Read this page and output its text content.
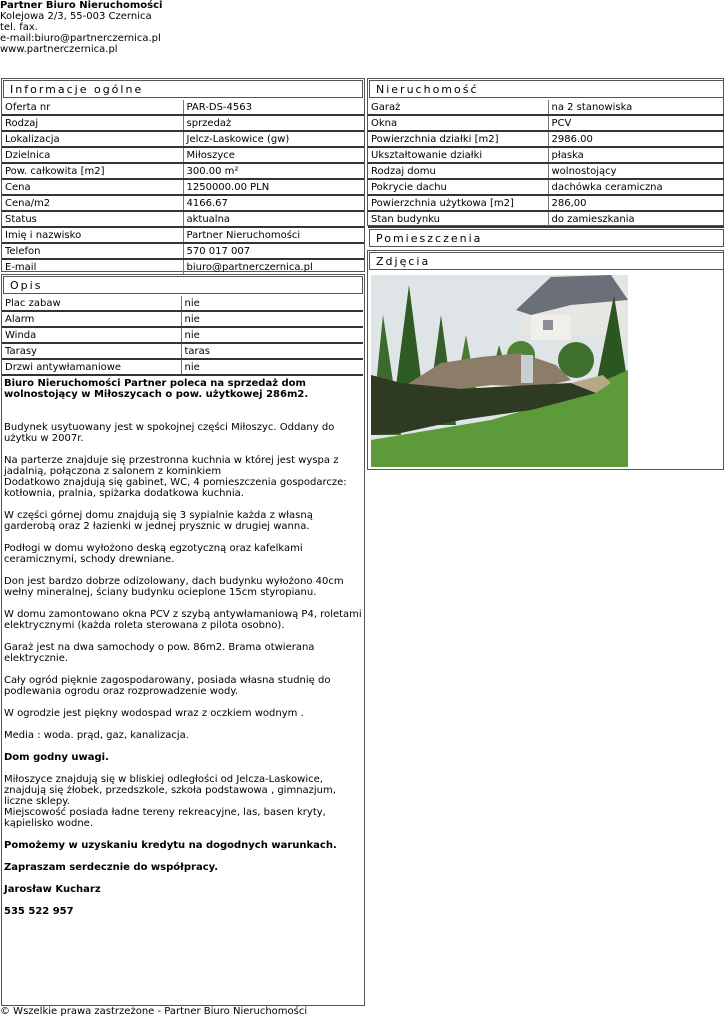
Partner Biuro Nieruchomości
Kolejowa 2/3, 55-003 Czernica
tel. fax.
e-mail:biuro@partnerczernica.pl
www.partnerczernica.pl
Informacje ogólne
Oferta nr	PAR-DS-4563
Rodzaj	sprzedaż
Lokalizacja	Jelcz-Laskowice (gw)
Dzielnica	Miłoszyce
Pow. całkowita [m2]	300.00 m²
Cena	1250000.00 PLN
Cena/m2	4166.67
Status	aktualna
Imię i nazwisko	Partner Nieruchomości
Telefon	570 017 007
E-mail	biuro@partnerczernica.pl
Nieruchomość
Garaż	na 2 stanowiska
Okna	PCV
Powierzchnia działki [m2]	2986.00
Ukształtowanie działki	płaska
Rodzaj domu	wolnostojący
Pokrycie dachu	dachówka ceramiczna
Powierzchnia użytkowa [m2]	286,00
Stan budynku	do zamieszkania
Pomieszczenia
Zdjęcia
Opis
Plac zabaw	nie
Alarm	nie
Winda	nie
Tarasy	taras
Drzwi antywłamaniowe	nie

Biuro Nieruchomości Partner poleca na sprzedaż dom wolnostojący w Miłoszycach o pow. użytkowej 286m2.

Budynek usytuowany jest w spokojnej części Miłoszyc. Oddany do użytku w 2007r.

Na parterze znajduje się przestronna kuchnia w której jest wyspa z jadalnią, połączona z salonem z kominkiem
Dodatkowo znajdują się gabinet, WC, 4 pomieszczenia gospodarcze: kotłownia, pralnia, spiżarka dodatkowa kuchnia.

W części górnej domu znajdują się 3 sypialnie każda z własną garderobą oraz 2 łazienki w jednej prysznic w drugiej wanna.

Podłogi w domu wyłożono deską egzotyczną oraz kafelkami ceramicznymi, schody drewniane.

Don jest bardzo dobrze odizolowany, dach budynku wyłożono 40cm wełny mineralnej, ściany budynku ocieplone 15cm styropianu.

W domu zamontowano okna PCV z szybą antywłamaniową P4, roletami elektrycznymi (każda roleta sterowana z pilota osobno).

Garaż jest na dwa samochody o pow. 86m2. Brama otwierana elektrycznie.

Cały ogród pięknie zagospodarowany, posiada własna studnię do podlewania ogrodu oraz rozprowadzenie wody.

W ogrodzie jest piękny wodospad wraz z oczkiem wodnym .

Media : woda. prąd, gaz, kanalizacja.

Dom godny uwagi.

Miłoszyce znajdują się w bliskiej odległości od Jelcza-Laskowice, znajdują się żłobek, przedszkole, szkoła podstawowa , gimnazjum, liczne sklepy.
Miejscowość posiada ładne tereny rekreacyjne, las, basen kryty, kąpielisko wodne.

Pomożemy w uzyskaniu kredytu na dogodnych warunkach.

Zapraszam serdecznie do współpracy.

Jarosław Kucharz

535 522 957

© Wszelkie prawa zastrzeżone - Partner Biuro Nieruchomości
